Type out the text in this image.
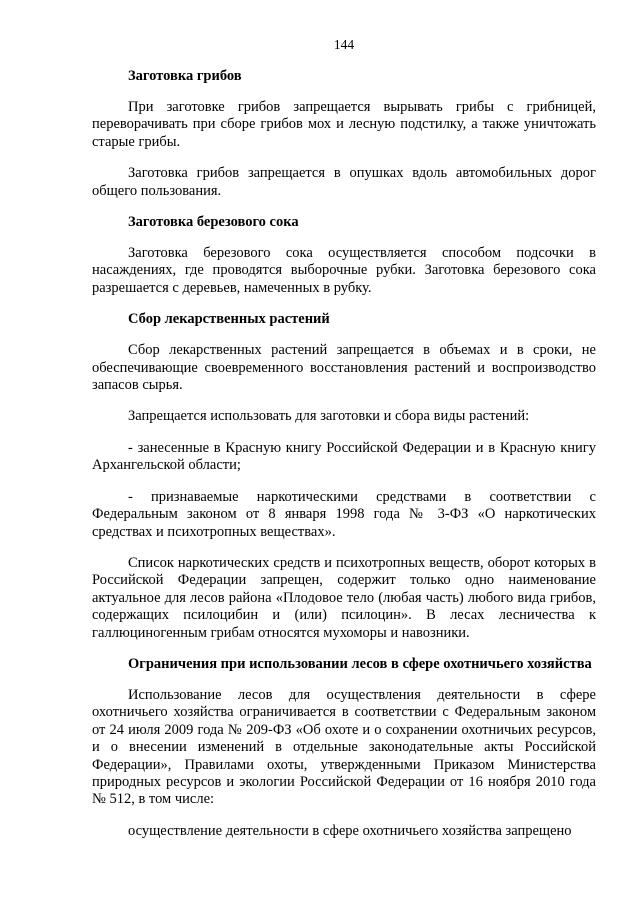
144
Заготовка грибов

При заготовке грибов запрещается вырывать грибы с грибницей, переворачивать при сборе грибов мох и лесную подстилку, а также уничтожать старые грибы.

Заготовка грибов запрещается в опушках вдоль автомобильных дорог общего пользования.

Заготовка березового сока

Заготовка березового сока осуществляется способом подсочки в насаждениях, где проводятся выборочные рубки. Заготовка березового сока разрешается с деревьев, намеченных в рубку.

Сбор лекарственных растений

Сбор лекарственных растений запрещается в объемах и в сроки, не обеспечивающие своевременного восстановления растений и воспроизводство запасов сырья.

Запрещается использовать для заготовки и сбора виды растений:

- занесенные в Красную книгу Российской Федерации и в Красную книгу Архангельской области;

- признаваемые наркотическими средствами в соответствии с Федеральным законом от 8 января 1998 года № 3-ФЗ «О наркотических средствах и психотропных веществах».

Список наркотических средств и психотропных веществ, оборот которых в Российской Федерации запрещен, содержит только одно наименование актуальное для лесов района «Плодовое тело (любая часть) любого вида грибов, содержащих псилоцибин и (или) псилоцин». В лесах лесничества к галлюциногенным грибам относятся мухоморы и навозники.

Ограничения при использовании лесов в сфере охотничьего хозяйства

Использование лесов для осуществления деятельности в сфере охотничьего хозяйства ограничивается в соответствии с Федеральным законом от 24 июля 2009 года № 209-ФЗ «Об охоте и о сохранении охотничьих ресурсов, и о внесении изменений в отдельные законодательные акты Российской Федерации», Правилами охоты, утвержденными Приказом Министерства природных ресурсов и экологии Российской Федерации от 16 ноября 2010 года № 512, в том числе:

осуществление деятельности в сфере охотничьего хозяйства запрещено
